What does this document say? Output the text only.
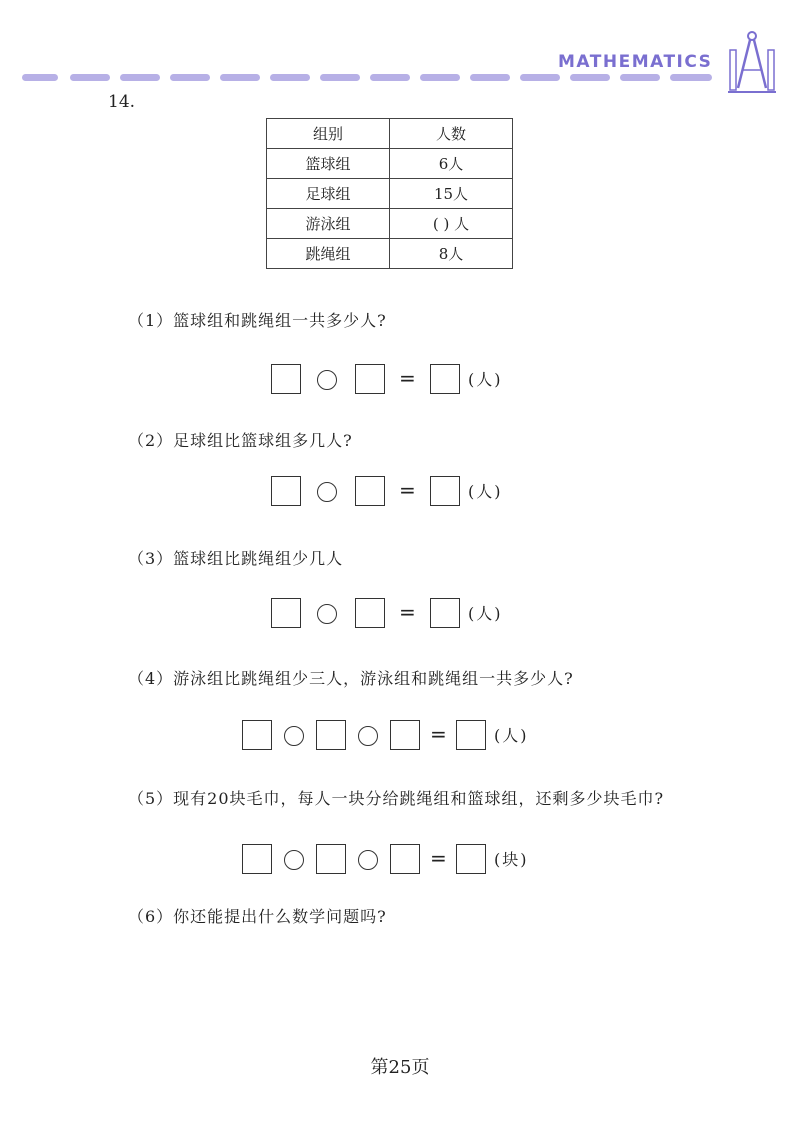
MATHEMATICS
14.
组别	人数
篮球组	6人
足球组	15人
游泳组	( ) 人
跳绳组	8人
（1）篮球组和跳绳组一共多少人?
=	(人)
（2）足球组比篮球组多几人?
=	(人)
（3）篮球组比跳绳组少几人
=	(人)
（4）游泳组比跳绳组少三人，游泳组和跳绳组一共多少人?
=	(人)
（5）现有20块毛巾，每人一块分给跳绳组和篮球组，还剩多少块毛巾?
=	(块)
（6）你还能提出什么数学问题吗?
第25页
